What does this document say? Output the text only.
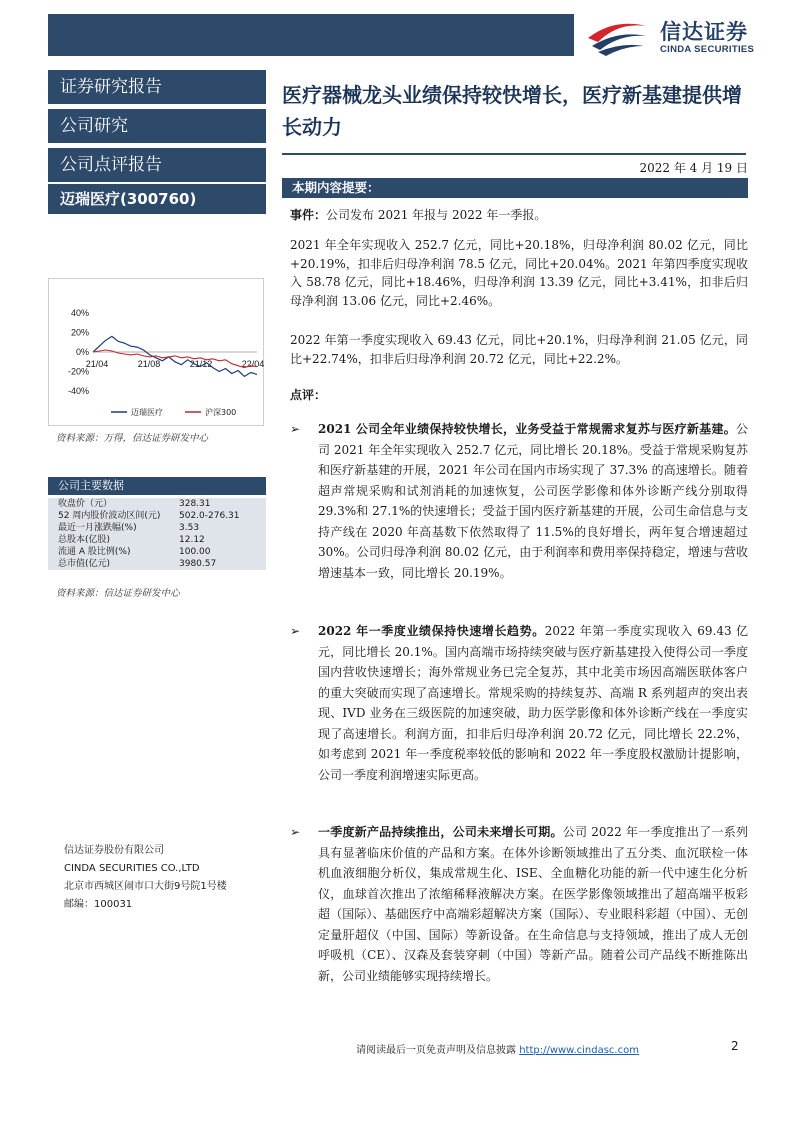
信达证券
CINDA SECURITIES
证券研究报告
公司研究
公司点评报告
迈瑞医疗(300760)
40%
20%
0%
-20%
-40%
21/04	21/08	21/12	22/04
迈瑞医疗	沪深300
资料来源：万得，信达证券研发中心
公司主要数据
收盘价（元）	328.31
52 周内股价波动区间(元) 502.0-276.31
最近一月涨跌幅(%)	3.53
总股本(亿股)	12.12
流通 A 股比例(%)	100.00
总市值(亿元)	3980.57
资料来源：信达证券研发中心
信达证券股份有限公司
CINDA SECURITIES CO.,LTD
北京市西城区闹市口大街9号院1号楼
邮编：100031
医疗器械龙头业绩保持较快增长，医疗新基建提供增长动力
2022 年 4 月 19 日
本期内容提要：
事件：公司发布 2021 年报与 2022 年一季报。
2021 年全年实现收入 252.7 亿元，同比+20.18%，归母净利润 80.02 亿元，同比+20.19%，扣非后归母净利润 78.5 亿元，同比+20.04%。2021 年第四季度实现收入 58.78 亿元，同比+18.46%，归母净利润 13.39 亿元，同比+3.41%，扣非后归母净利润 13.06 亿元，同比+2.46%。
2022 年第一季度实现收入 69.43 亿元，同比+20.1%，归母净利润 21.05 亿元，同比+22.74%，扣非后归母净利润 20.72 亿元，同比+22.2%。
点评：
➢ 2021 公司全年业绩保持较快增长，业务受益于常规需求复苏与医疗新基建。公司 2021 年全年实现收入 252.7 亿元，同比增长 20.18%。受益于常规采购复苏和医疗新基建的开展，2021 年公司在国内市场实现了 37.3% 的高速增长。随着超声常规采购和试剂消耗的加速恢复，公司医学影像和体外诊断产线分别取得 29.3%和 27.1%的快速增长；受益于国内医疗新基建的开展，公司生命信息与支持产线在 2020 年高基数下依然取得了 11.5%的良好增长，两年复合增速超过 30%。公司归母净利润 80.02 亿元，由于利润率和费用率保持稳定，增速与营收增速基本一致，同比增长 20.19%。
➢ 2022 年一季度业绩保持快速增长趋势。2022 年第一季度实现收入 69.43 亿元，同比增长 20.1%。国内高端市场持续突破与医疗新基建投入使得公司一季度国内营收快速增长；海外常规业务已完全复苏，其中北美市场因高端医联体客户的重大突破而实现了高速增长。常规采购的持续复苏、高端 R 系列超声的突出表现、IVD 业务在三级医院的加速突破，助力医学影像和体外诊断产线在一季度实现了高速增长。利润方面，扣非后归母净利润 20.72 亿元，同比增长 22.2%，如考虑到 2021 年一季度税率较低的影响和 2022 年一季度股权激励计提影响，公司一季度利润增速实际更高。
➢ 一季度新产品持续推出，公司未来增长可期。公司 2022 年一季度推出了一系列具有显著临床价值的产品和方案。在体外诊断领域推出了五分类、血沉联检一体机血液细胞分析仪，集成常规生化、ISE、全血糖化功能的新一代中速生化分析仪，血球首次推出了浓缩稀释液解决方案。在医学影像领域推出了超高端平板彩超（国际）、基础医疗中高端彩超解决方案（国际）、专业眼科彩超（中国）、无创定量肝超仪（中国、国际）等新设备。在生命信息与支持领域，推出了成人无创呼吸机（CE）、汉森及套装穿刺（中国）等新产品。随着公司产品线不断推陈出新，公司业绩能够实现持续增长。
请阅读最后一页免责声明及信息披露 http://www.cindasc.com	2
